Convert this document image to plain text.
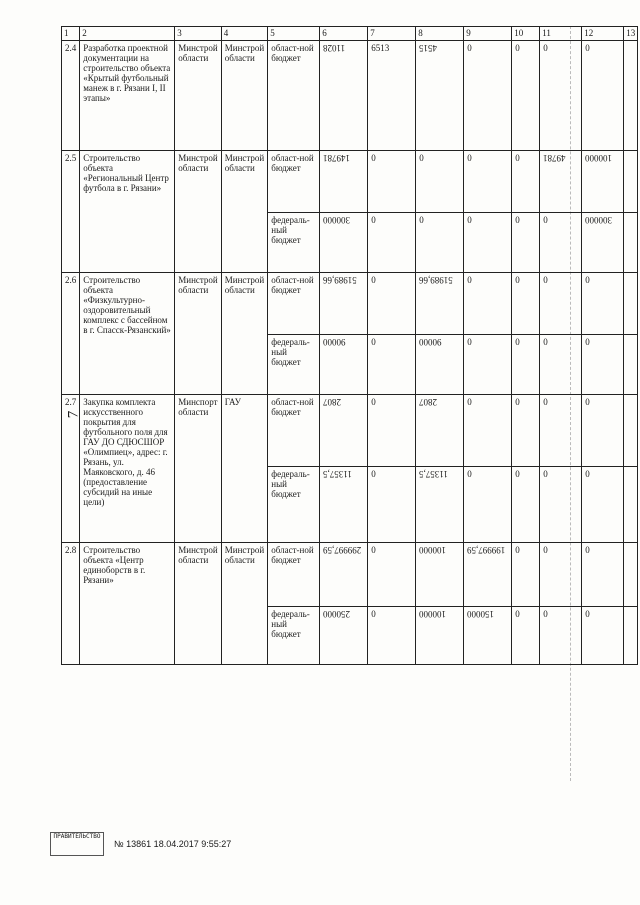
7
1	2	3	4	5	6	7	8	9	10	11	12	13
2.4	Разработка проектной документации на строительство объекта «Крытый футбольный манеж в г. Рязани I, II этапы»	Минстрой области	Минстрой области	област-ной бюджет	11028	6513	4515	0	0	0	0	
2.5	Строительство объекта «Региональный Центр футбола в г. Рязани»	Минстрой области	Минстрой области	област-ной бюджет	149781	0	0	0	0	49781	100000	
				федераль-ный бюджет	300000	0	0	0	0	0	300000	
2.6	Строительство объекта «Физкультурно-оздоровительный комплекс с бассейном в г. Спасск-Рязанский»	Минстрой области	Минстрой области	област-ной бюджет	51989,66	0	51989,66	0	0	0	0	
				федераль-ный бюджет	90000	0	90000	0	0	0	0	
2.7	Закупка комплекта искусственного покрытия для футбольного поля для ГАУ ДО СДЮСШОР «Олимпиец», адрес: г. Рязань, ул. Маяковского, д. 46 (предоставление субсидий на иные цели)	Минспорт области	ГАУ	област-ной бюджет	2807	0	2807	0	0	0	0	
				федераль-ный бюджет	11357,5	0	11357,5	0	0	0	0	
2.8	Строительство объекта «Центр единоборств в г. Рязани»	Минстрой области	Минстрой области	област-ной бюджет	299997,59	0	100000	199997,59	0	0	0	
				федераль-ный бюджет	250000	0	100000	150000	0	0	0	
ПРАВИТЕЛЬСТВО
№ 13861 18.04.2017 9:55:27
